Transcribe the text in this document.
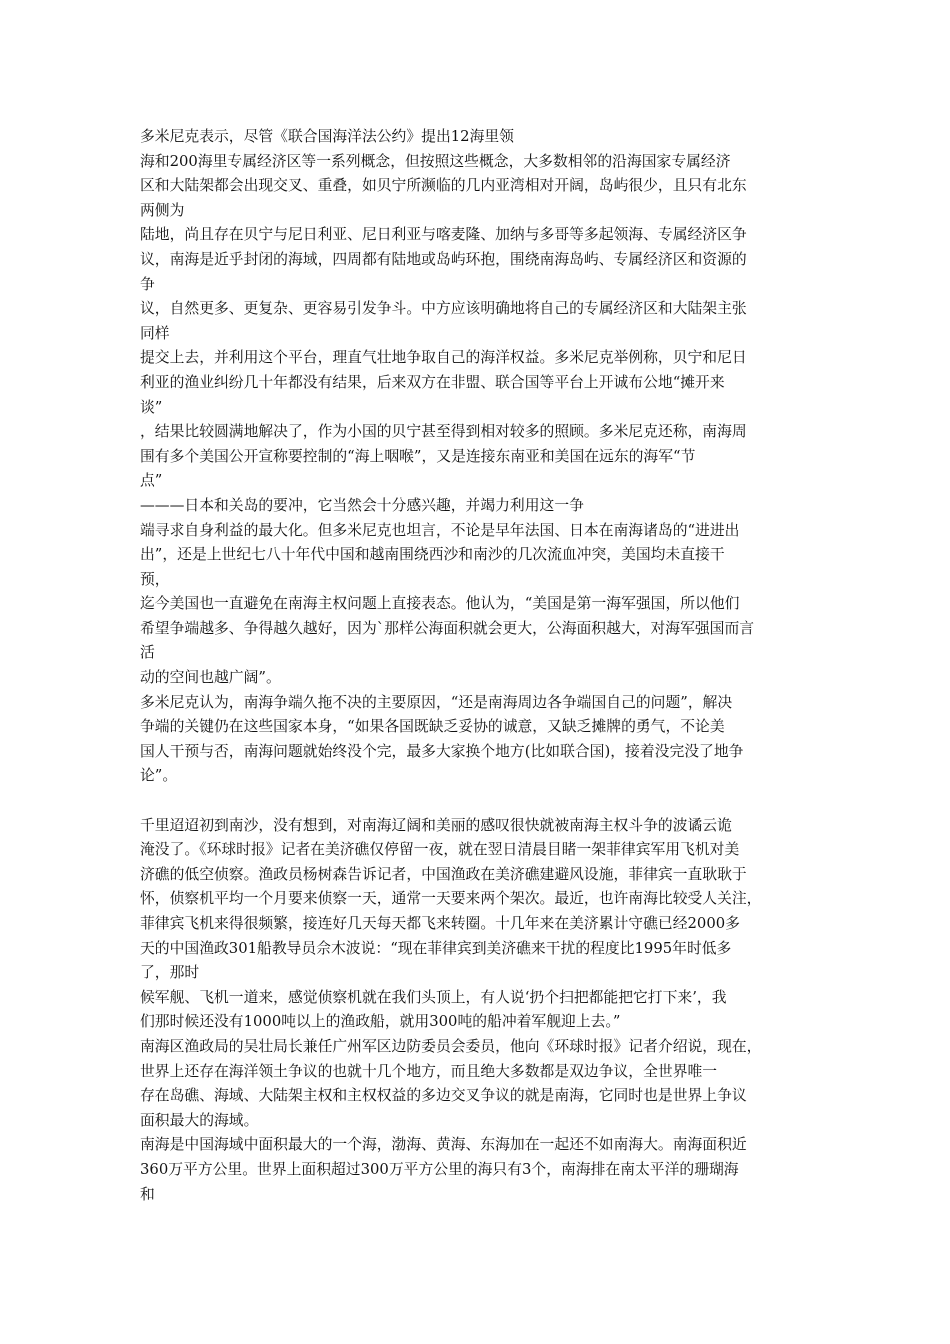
多米尼克表示，尽管《联合国海洋法公约》提出12海里领
海和200海里专属经济区等一系列概念，但按照这些概念，大多数相邻的沿海国家专属经济
区和大陆架都会出现交叉、重叠，如贝宁所濒临的几内亚湾相对开阔，岛屿很少，且只有北东
两侧为
陆地，尚且存在贝宁与尼日利亚、尼日利亚与喀麦隆、加纳与多哥等多起领海、专属经济区争
议，南海是近乎封闭的海域，四周都有陆地或岛屿环抱，围绕南海岛屿、专属经济区和资源的
争
议，自然更多、更复杂、更容易引发争斗。中方应该明确地将自己的专属经济区和大陆架主张
同样
提交上去，并利用这个平台，理直气壮地争取自己的海洋权益。多米尼克举例称，贝宁和尼日
利亚的渔业纠纷几十年都没有结果，后来双方在非盟、联合国等平台上开诚布公地“摊开来
谈”
，结果比较圆满地解决了，作为小国的贝宁甚至得到相对较多的照顾。多米尼克还称，南海周
围有多个美国公开宣称要控制的“海上咽喉”，又是连接东南亚和美国在远东的海军“节
点”
———日本和关岛的要冲，它当然会十分感兴趣，并竭力利用这一争
端寻求自身利益的最大化。但多米尼克也坦言，不论是早年法国、日本在南海诸岛的“进进出
出”，还是上世纪七八十年代中国和越南围绕西沙和南沙的几次流血冲突，美国均未直接干
预，
迄今美国也一直避免在南海主权问题上直接表态。他认为，“美国是第一海军强国，所以他们
希望争端越多、争得越久越好，因为`那样公海面积就会更大，公海面积越大，对海军强国而言
活
动的空间也越广阔”。
多米尼克认为，南海争端久拖不决的主要原因，“还是南海周边各争端国自己的问题”，解决
争端的关键仍在这些国家本身，“如果各国既缺乏妥协的诚意，又缺乏摊牌的勇气，不论美
国人干预与否，南海问题就始终没个完，最多大家换个地方(比如联合国)，接着没完没了地争
论”。
千里迢迢初到南沙，没有想到，对南海辽阔和美丽的感叹很快就被南海主权斗争的波谲云诡
淹没了。《环球时报》记者在美济礁仅停留一夜，就在翌日清晨目睹一架菲律宾军用飞机对美
济礁的低空侦察。渔政员杨树森告诉记者，中国渔政在美济礁建避风设施，菲律宾一直耿耿于
怀，侦察机平均一个月要来侦察一天，通常一天要来两个架次。最近，也许南海比较受人关注，
菲律宾飞机来得很频繁，接连好几天每天都飞来转圈。十几年来在美济累计守礁已经2000多
天的中国渔政301船教导员佘木波说：“现在菲律宾到美济礁来干扰的程度比1995年时低多
了，那时
候军舰、飞机一道来，感觉侦察机就在我们头顶上，有人说‘扔个扫把都能把它打下来’，我
们那时候还没有1000吨以上的渔政船，就用300吨的船冲着军舰迎上去。”
南海区渔政局的吴壮局长兼任广州军区边防委员会委员，他向《环球时报》记者介绍说，现在，
世界上还存在海洋领土争议的也就十几个地方，而且绝大多数都是双边争议，全世界唯一
存在岛礁、海域、大陆架主权和主权权益的多边交叉争议的就是南海，它同时也是世界上争议
面积最大的海域。
南海是中国海域中面积最大的一个海，渤海、黄海、东海加在一起还不如南海大。南海面积近
360万平方公里。世界上面积超过300万平方公里的海只有3个，南海排在南太平洋的珊瑚海
和
